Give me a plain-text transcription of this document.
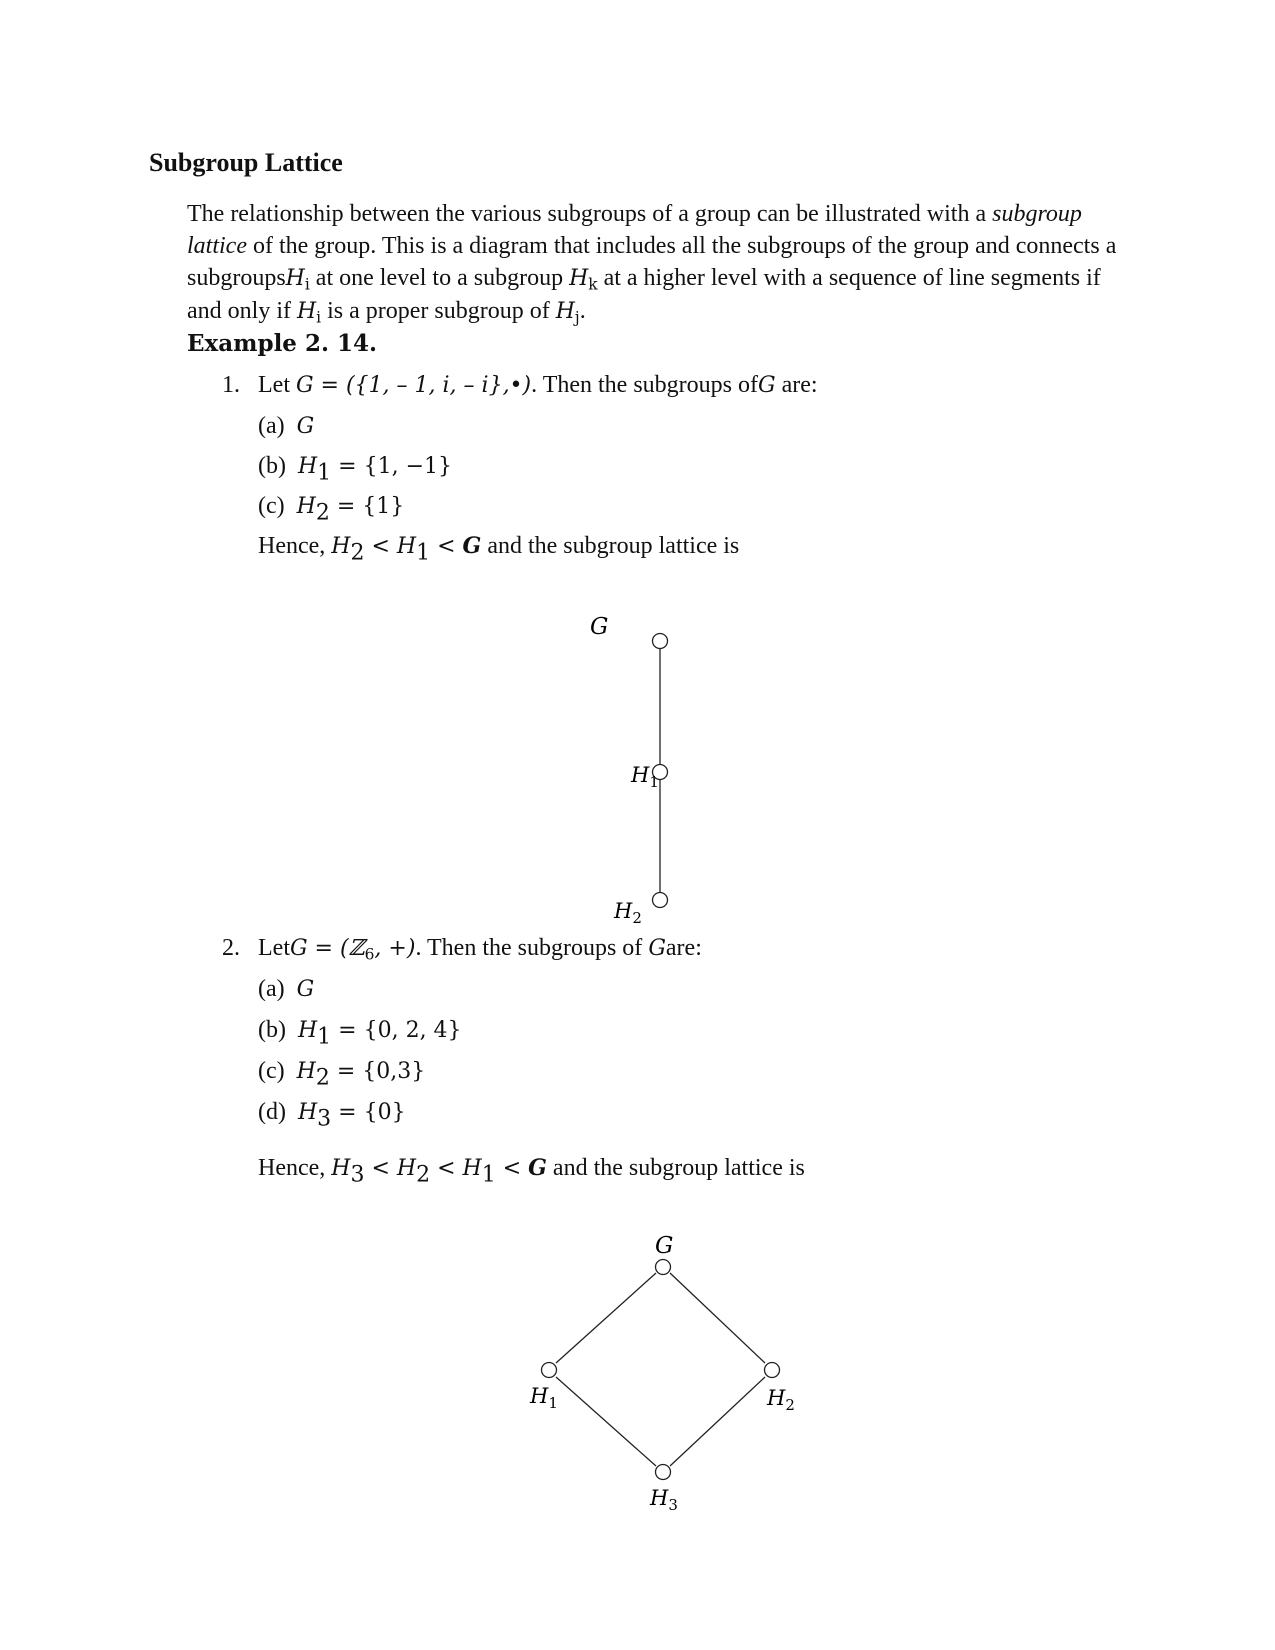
Subgroup Lattice

The relationship between the various subgroups of a group can be illustrated with a subgroup

lattice of the group. This is a diagram that includes all the subgroups of the group and connects a

subgroupsH$_i$ at one level to a subgroup $H_k$ at a higher level with a sequence of line segments if

and only if $H_i$ is a proper subgroup of $H_j$.

Example 2. 14.
1. Let G = ({1, – 1, i, – i},•). Then the subgroups ofG are:
(a) G
(b) $H_1 = \{1$, −1}
(c) $H_2 = \{1\}$
Hence, $H_2 < H_1 < G$ and the subgroup lattice is
G
$H_1$
$H_2$
G
$H_1$	$H_2$
$H_3$
2. LetG = (ℤ$_6$, +). Then the subgroups of Gare:
(a) G
(b) $H_1 = \{0$, 2, 4}
(c) $H_2 = \{0,3\}$
(d) $H_3 = \{0\}$
Hence, $H_3 < H_2 < H_1 < G$ and the subgroup lattice is
